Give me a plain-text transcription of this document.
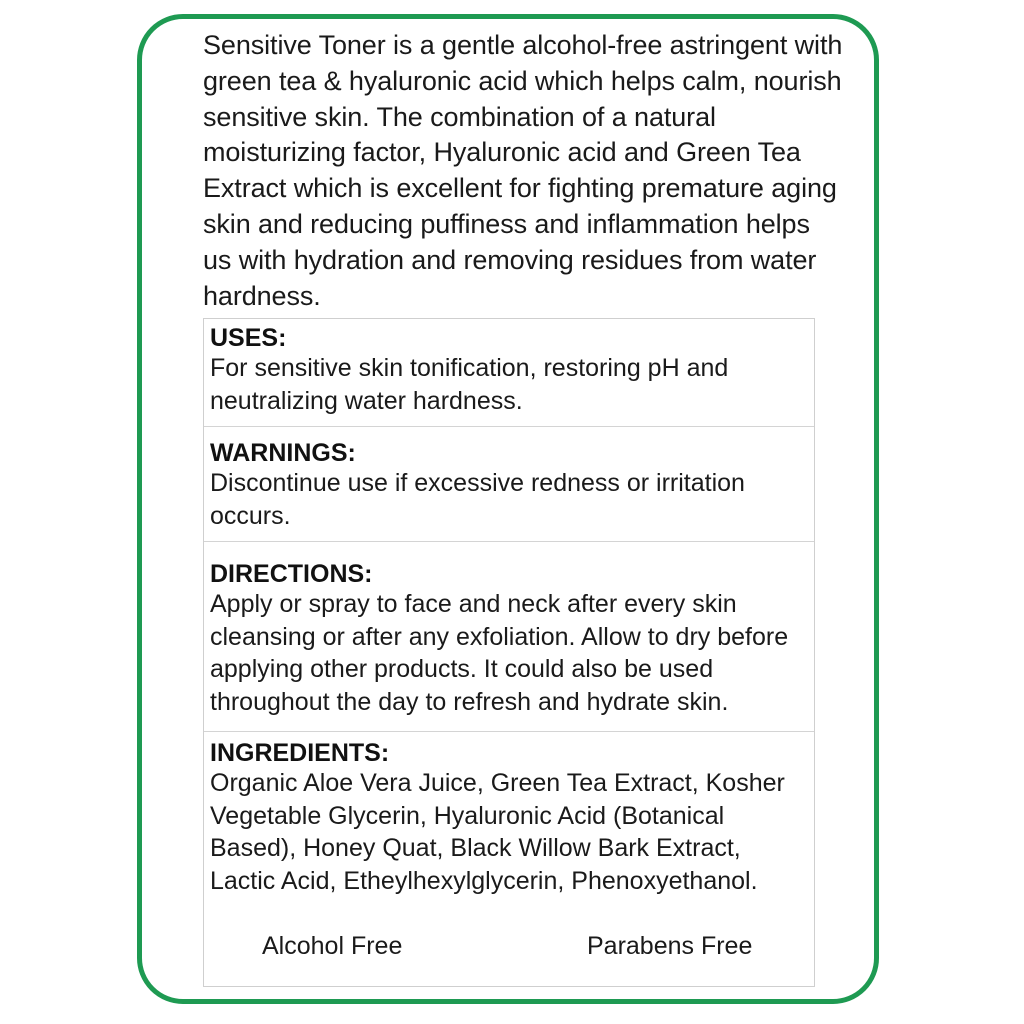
Sensitive Toner is a gentle alcohol-free astringent with green tea & hyaluronic acid which helps calm, nourish sensitive skin. The combination of a natural moisturizing factor, Hyaluronic acid and Green Tea Extract which is excellent for fighting premature aging skin and reducing puffiness and inflammation helps us with hydration and removing residues from water hardness.

USES:

For sensitive skin tonification, restoring pH and neutralizing water hardness.

WARNINGS:

Discontinue use if excessive redness or irritation occurs.

DIRECTIONS:

Apply or spray to face and neck after every skin cleansing or after any exfoliation. Allow to dry before applying other products. It could also be used throughout the day to refresh and hydrate skin.

INGREDIENTS:

Organic Aloe Vera Juice, Green Tea Extract, Kosher Vegetable Glycerin, Hyaluronic Acid (Botanical Based), Honey Quat, Black Willow Bark Extract, Lactic Acid, Etheylhexylglycerin, Phenoxyethanol.

Alcohol Free	Parabens Free
